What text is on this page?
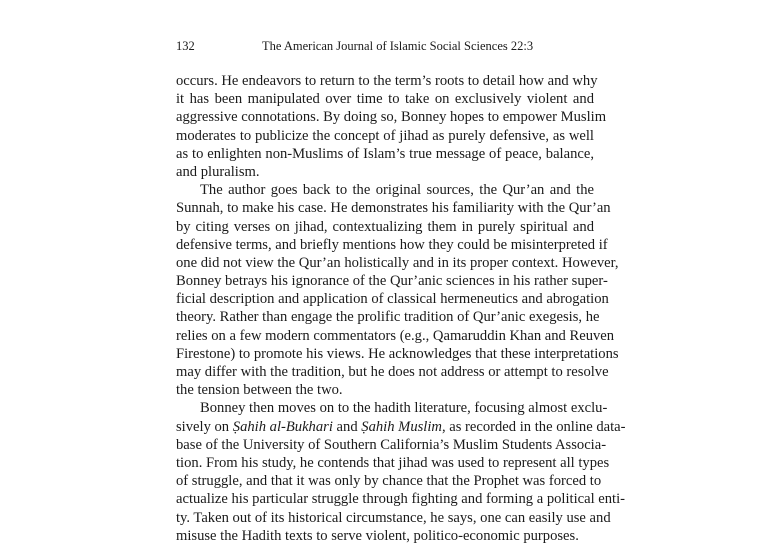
132	The American Journal of Islamic Social Sciences 22:3
occurs. He endeavors to return to the term’s roots to detail how and why
it has been manipulated over time to take on exclusively violent and
aggressive connotations. By doing so, Bonney hopes to empower Muslim
moderates to publicize the concept of jihad as purely defensive, as well
as to enlighten non-Muslims of Islam’s true message of peace, balance,
and pluralism.
The author goes back to the original sources, the Qur’an and the
Sunnah, to make his case. He demonstrates his familiarity with the Qur’an
by citing verses on jihad, contextualizing them in purely spiritual and
defensive terms, and briefly mentions how they could be misinterpreted if
one did not view the Qur’an holistically and in its proper context. However,
Bonney betrays his ignorance of the Qur’anic sciences in his rather super-
ficial description and application of classical hermeneutics and abrogation
theory. Rather than engage the prolific tradition of Qur’anic exegesis, he
relies on a few modern commentators (e.g., Qamaruddin Khan and Reuven
Firestone) to promote his views. He acknowledges that these interpretations
may differ with the tradition, but he does not address or attempt to resolve
the tension between the two.
Bonney then moves on to the hadith literature, focusing almost exclu-
sively on Ṣahih al-Bukhari and Ṣahih Muslim, as recorded in the online data-
base of the University of Southern California’s Muslim Students Associa-
tion. From his study, he contends that jihad was used to represent all types
of struggle, and that it was only by chance that the Prophet was forced to
actualize his particular struggle through fighting and forming a political enti-
ty. Taken out of its historical circumstance, he says, one can easily use and
misuse the Hadith texts to serve violent, politico-economic purposes.
